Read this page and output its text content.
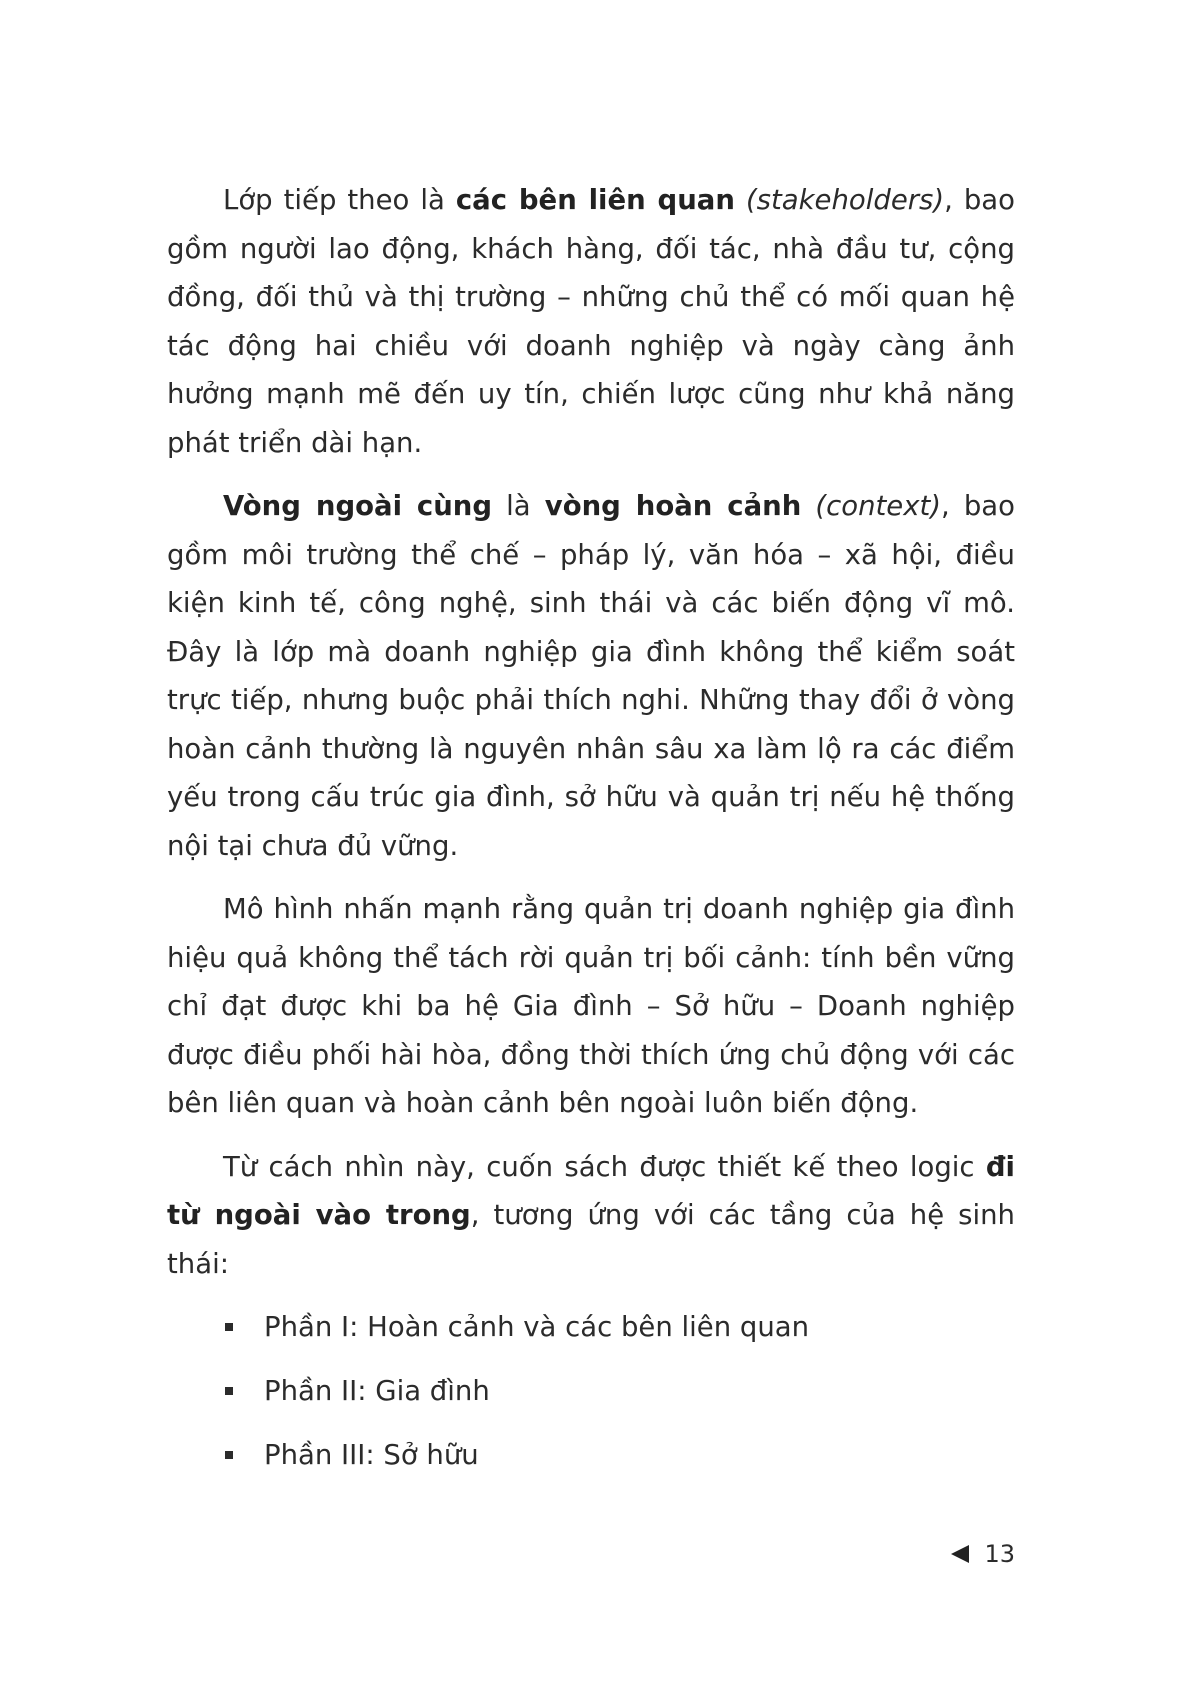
Lớp tiếp theo là các bên liên quan (stakeholders), bao gồm người lao động, khách hàng, đối tác, nhà đầu tư, cộng đồng, đối thủ và thị trường – những chủ thể có mối quan hệ tác động hai chiều với doanh nghiệp và ngày càng ảnh hưởng mạnh mẽ đến uy tín, chiến lược cũng như khả năng phát triển dài hạn.

Vòng ngoài cùng là vòng hoàn cảnh (context), bao gồm môi trường thể chế – pháp lý, văn hóa – xã hội, điều kiện kinh tế, công nghệ, sinh thái và các biến động vĩ mô. Đây là lớp mà doanh nghiệp gia đình không thể kiểm soát trực tiếp, nhưng buộc phải thích nghi. Những thay đổi ở vòng hoàn cảnh thường là nguyên nhân sâu xa làm lộ ra các điểm yếu trong cấu trúc gia đình, sở hữu và quản trị nếu hệ thống nội tại chưa đủ vững.

Mô hình nhấn mạnh rằng quản trị doanh nghiệp gia đình hiệu quả không thể tách rời quản trị bối cảnh: tính bền vững chỉ đạt được khi ba hệ Gia đình – Sở hữu – Doanh nghiệp được điều phối hài hòa, đồng thời thích ứng chủ động với các bên liên quan và hoàn cảnh bên ngoài luôn biến động.

Từ cách nhìn này, cuốn sách được thiết kế theo logic đi từ ngoài vào trong, tương ứng với các tầng của hệ sinh thái:

Phần I: Hoàn cảnh và các bên liên quan
Phần II: Gia đình
Phần III: Sở hữu
13
